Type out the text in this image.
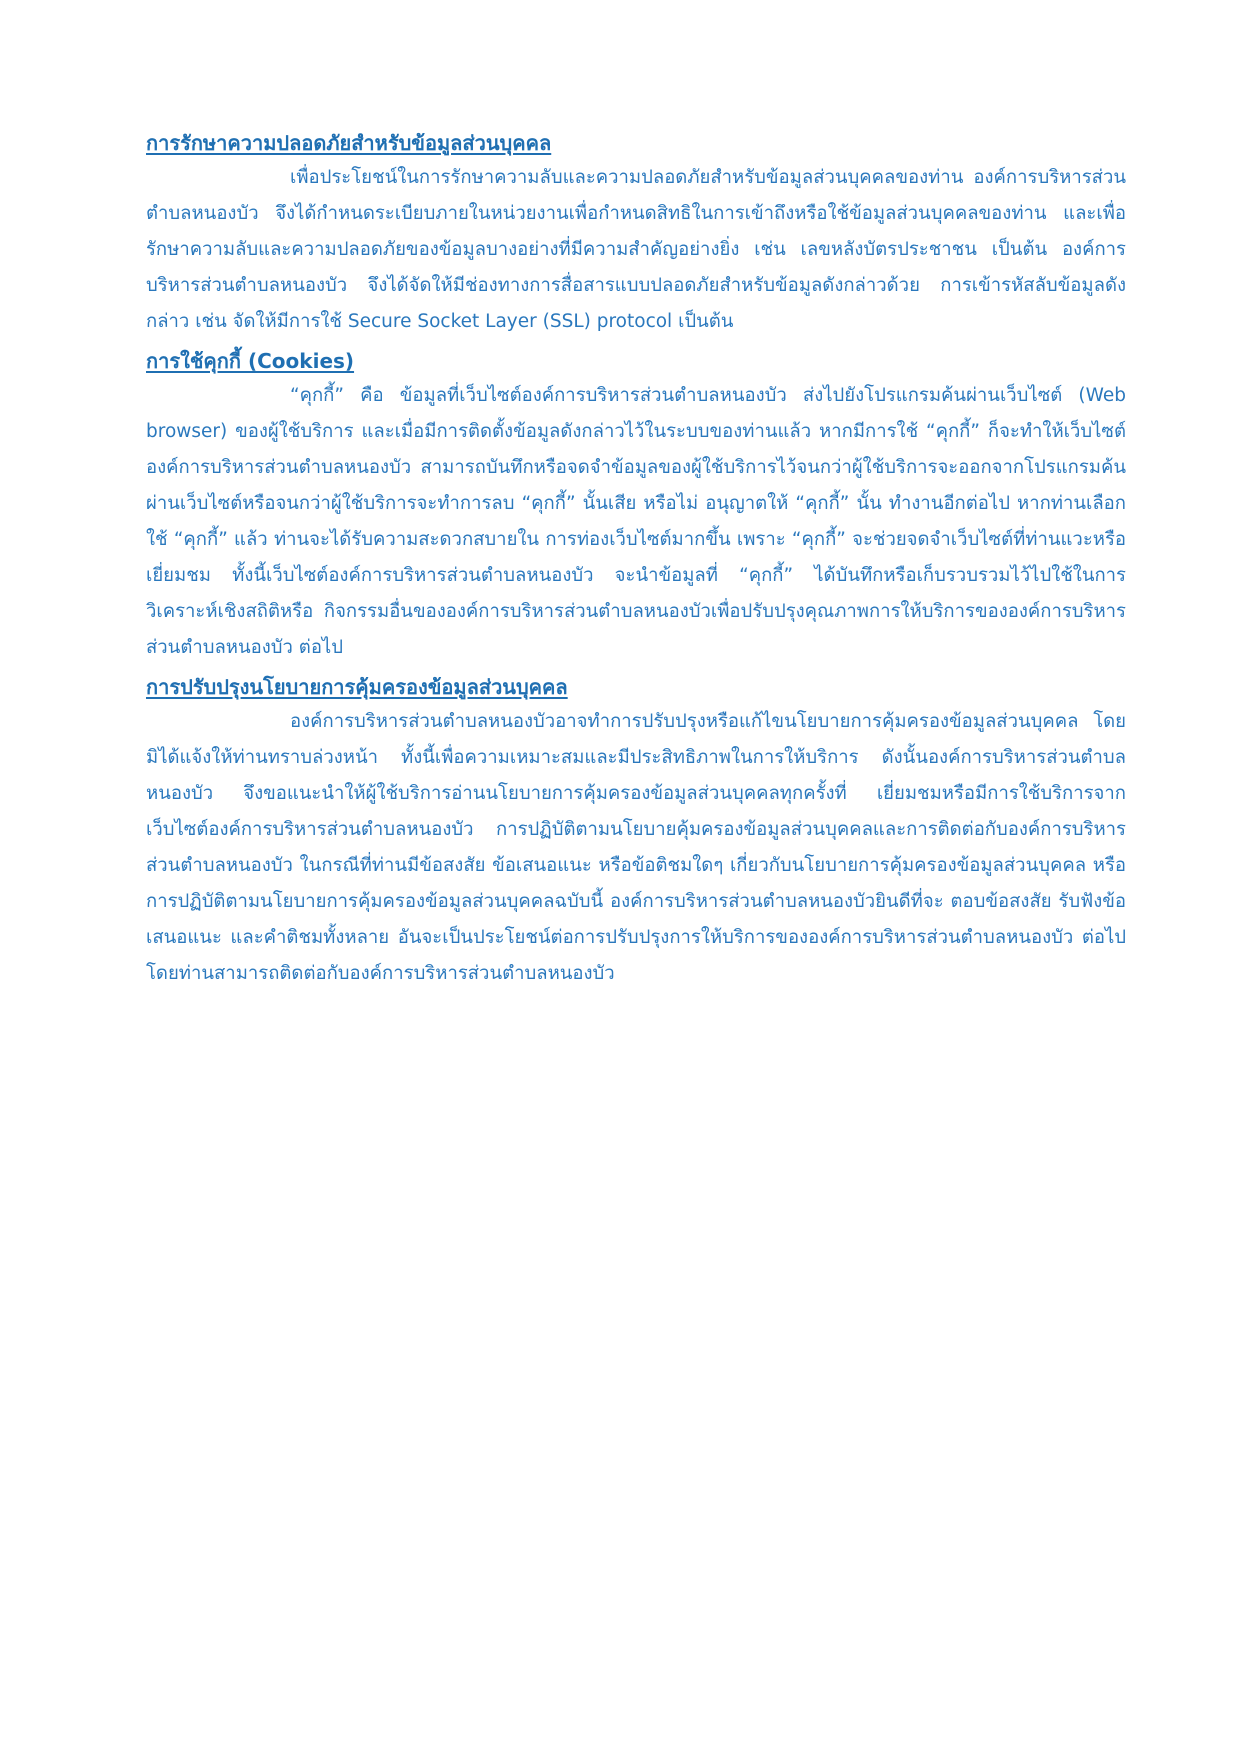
การรักษาความปลอดภัยสำหรับข้อมูลส่วนบุคคล

เพื่อประโยชน์ในการรักษาความลับและความปลอดภัยสำหรับข้อมูลส่วนบุคคลของท่าน องค์การบริหารส่วนตำบลหนองบัว จึงได้กำหนดระเบียบภายในหน่วยงานเพื่อกำหนดสิทธิในการเข้าถึงหรือใช้ข้อมูลส่วนบุคคลของท่าน และเพื่อรักษาความลับและความปลอดภัยของข้อมูลบางอย่างที่มีความสำคัญอย่างยิ่ง เช่น เลขหลังบัตรประชาชน เป็นต้น องค์การบริหารส่วนตำบลหนองบัว จึงได้จัดให้มีช่องทางการสื่อสารแบบปลอดภัยสำหรับข้อมูลดังกล่าวด้วย การเข้ารหัสลับข้อมูลดังกล่าว เช่น จัดให้มีการใช้ Secure Socket Layer (SSL) protocol เป็นต้น

การใช้คุกกี้ (Cookies)

“คุกกี้” คือ ข้อมูลที่เว็บไซต์องค์การบริหารส่วนตำบลหนองบัว ส่งไปยังโปรแกรมค้นผ่านเว็บไซต์ (Web browser) ของผู้ใช้บริการ และเมื่อมีการติดตั้งข้อมูลดังกล่าวไว้ในระบบของท่านแล้ว หากมีการใช้ “คุกกี้” ก็จะทำให้เว็บไซต์องค์การบริหารส่วนตำบลหนองบัว สามารถบันทึกหรือจดจำข้อมูลของผู้ใช้บริการไว้จนกว่าผู้ใช้บริการจะออกจากโปรแกรมค้นผ่านเว็บไซต์หรือจนกว่าผู้ใช้บริการจะทำการลบ “คุกกี้” นั้นเสีย หรือไม่ อนุญาตให้ “คุกกี้” นั้น ทำงานอีกต่อไป หากท่านเลือกใช้ “คุกกี้” แล้ว ท่านจะได้รับความสะดวกสบายใน การท่องเว็บไซต์มากขึ้น เพราะ “คุกกี้” จะช่วยจดจำเว็บไซต์ที่ท่านแวะหรือเยี่ยมชม ทั้งนี้เว็บไซต์องค์การบริหารส่วนตำบลหนองบัว จะนำข้อมูลที่ “คุกกี้” ได้บันทึกหรือเก็บรวบรวมไว้ไปใช้ในการวิเคราะห์เชิงสถิติหรือ กิจกรรมอื่นขององค์การบริหารส่วนตำบลหนองบัวเพื่อปรับปรุงคุณภาพการให้บริการขององค์การบริหารส่วนตำบลหนองบัว ต่อไป

การปรับปรุงนโยบายการคุ้มครองข้อมูลส่วนบุคคล

องค์การบริหารส่วนตำบลหนองบัวอาจทำการปรับปรุงหรือแก้ไขนโยบายการคุ้มครองข้อมูลส่วนบุคคล โดยมิได้แจ้งให้ท่านทราบล่วงหน้า ทั้งนี้เพื่อความเหมาะสมและมีประสิทธิภาพในการให้บริการ ดังนั้นองค์การบริหารส่วนตำบลหนองบัว จึงขอแนะนำให้ผู้ใช้บริการอ่านนโยบายการคุ้มครองข้อมูลส่วนบุคคลทุกครั้งที่ เยี่ยมชมหรือมีการใช้บริการจากเว็บไซต์องค์การบริหารส่วนตำบลหนองบัว การปฏิบัติตามนโยบายคุ้มครองข้อมูลส่วนบุคคลและการติดต่อกับองค์การบริหารส่วนตำบลหนองบัว ในกรณีที่ท่านมีข้อสงสัย ข้อเสนอแนะ หรือข้อติชมใดๆ เกี่ยวกับนโยบายการคุ้มครองข้อมูลส่วนบุคคล หรือการปฏิบัติตามนโยบายการคุ้มครองข้อมูลส่วนบุคคลฉบับนี้ องค์การบริหารส่วนตำบลหนองบัวยินดีที่จะ ตอบข้อสงสัย รับฟังข้อเสนอแนะ และคำติชมทั้งหลาย อันจะเป็นประโยชน์ต่อการปรับปรุงการให้บริการขององค์การบริหารส่วนตำบลหนองบัว ต่อไป โดยท่านสามารถติดต่อกับองค์การบริหารส่วนตำบลหนองบัว
